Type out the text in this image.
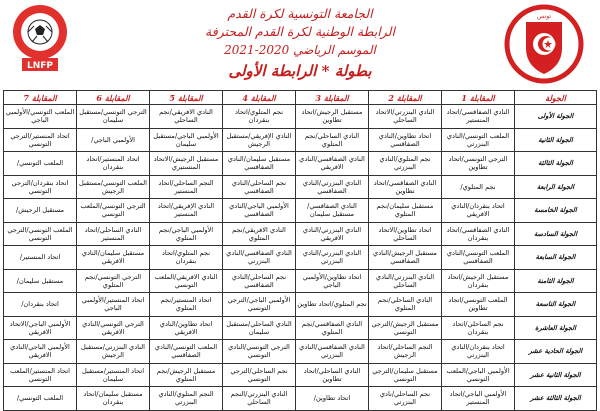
LNFP
الجامعة التونسية لكرة القدم
الرابطة الوطنية لكرة القدم المحترفة
الموسم الرياضي 2020-2021
بطولة * الرابطة الأولى
تونس
الجولة	المقابلة 1	المقابلة 2	المقابلة 3	المقابلة 4	المقابلة 5	المقابلة 6	المقابلة 7
الجولة الأولى	النادي الصفاقسي/اتحاد المنستير	النادي البنزرتي/الاتحاد الساحلي	مستقبل الرجيش/اتحاد تطاوين	نجم المتلوي/اتحاد بنقردان	النادي الافريقي/نجم الساحلي	الترجي التونسي/مستقبل سليمان	الملعب التونسي/الأولمبي الباجي
الجولة الثانية	الملعب التونسي/النادي البنزرتي	اتحاد تطاوين/النادي الصفاقسي	النادي الساحلي/نجم المتلوي	النادي الإفريقي/مستقبل الرجيش	الأولمبي الباجي/مستقبل سليمان	الأولمبي الباجي/	اتحاد المنستير/الترجي التونسي
الجولة الثالثة	الترجي التونسي/اتحاد تطاوين	نجم المتلوي/النادي البنزرتي	النادي الصفاقسي/النادي الافريقي	مستقبل سليمان/النادي الصفاقسي	مستقبل الرجيش/الاتحاد المنستيري	اتحاد المنستير/اتحاد بنقردان	الملعب التونسي/
الجولة الرابعة	نجم المتلوي/	النادي الصفاقسي/اتحاد تطاوين	النادي البنزرتي/النادي الصفاقسي	نجم الساحلي/النادي الصفاقسي	النجم الساحلي/اتحاد المنستير	الملعب التونسي/مستقبل الرجيش	اتحاد بنقردان/الترجي التونسي
الجولة الخامسة	اتحاد بنقردان/النادي الافريقي	مستقبل سليمان/نجم المتلوي	النادي الصفاقسي/مستقبل سليمان	الأولمبي الباجي/النادي الصفاقسي	النادي الإفريقي/اتحاد المنستير	الترجي التونسي/الملعب التونسي	مستقبل الرجيش/
الجولة السادسة	النادي الصفاقسي/اتحاد بنقردان	اتحاد تطاوين/الاتحاد الساحلي	النادي البنزرتي/النادي الافريقي	النادي الافريقي/نجم المتلوي	الأولمبي الباجي/نجم المتلوي	النادي الساحلي/اتحاد المنستير	الملعب التونسي/الترجي التونسي
الجولة السابعة	الملعب التونسي/النادي الصفاقسي	مستقبل الرجيش/النادي الصفاقسي	النادي البنزرتي/النادي البنزرتي	النادي الصفاقسي/النادي البنزرتي	نجم المتلوي/اتحاد بنقردان	مستقبل سليمان/النادي الافريقي	اتحاد المنستير/
الجولة الثامنة	مستقبل الرجيش/اتحاد بنقردان	النادي البنزرتي/النادي الساحلي	اتحاد تطاوين/الأولمبي الباجي	نجم الساحلي/النادي الصفاقسي	النادي الافريقي/الملعب التونسي	الترجي التونسي/نجم المتلوي	مستقبل سليمان/
الجولة التاسعة	الملعب التونسي/اتحاد تطاوين	النادي الساحلي/نجم المتلوي	نجم المتلوي/اتحاد تطاوين	الأولمبي الباجي/الترجي التونسي	اتحاد المنستير/نجم المتلوي	اتحاد المنستير/الأولمبي الباجي	اتحاد بنقردان/
الجولة العاشرة	نجم الساحلي/اتحاد بنقردان	مستقبل الرجيش/الترجي التونسي	النادي الصفاقسي/نجم المتلوي	النادي الساحلي/مستقبل سليمان	اتحاد تطاوين/النادي الافريقي	الترجي التونسي/النادي الافريقي	الأولمبي الباجي/الاتحاد الافريقي
الجولة الحادية عشر	اتحاد بنقردان/النادي البنزرتي	النجم الساحلي/اتحاد الرجيش	النادي الصفاقسي/النادي البنزرتي	الترجي التونسي/النادي التونسي	الملعب التونسي/النادي الصفاقسي	النادي البنزرتي/مستقبل الرجيش	الأولمبي الباجي/النادي الافريقي
الجولة الثانية عشر	الأولمبي الباجي/الملعب التونسي	مستقبل سليمان/الترجي التونسي	النادي الساحلي/اتحاد تطاوين	نجم الساحلي/الترجي التونسي	مستقبل الرجيش/نجم المتلوي	اتحاد المنستير/مستقبل سليمان	اتحاد المنستير/الملعب التونسي
الجولة الثالثة عشر	الأولمبي الباجي/اتحاد المنستير	نجم الساحلي/نادي البنزرتي	اتحاد تطاوين/	النادي البنزرتي/النجم الساحلي	النجم المتلوي/النادي البنزرتي	مستقبل سليمان/اتحاد بنقردان	الملعب التونسي/
